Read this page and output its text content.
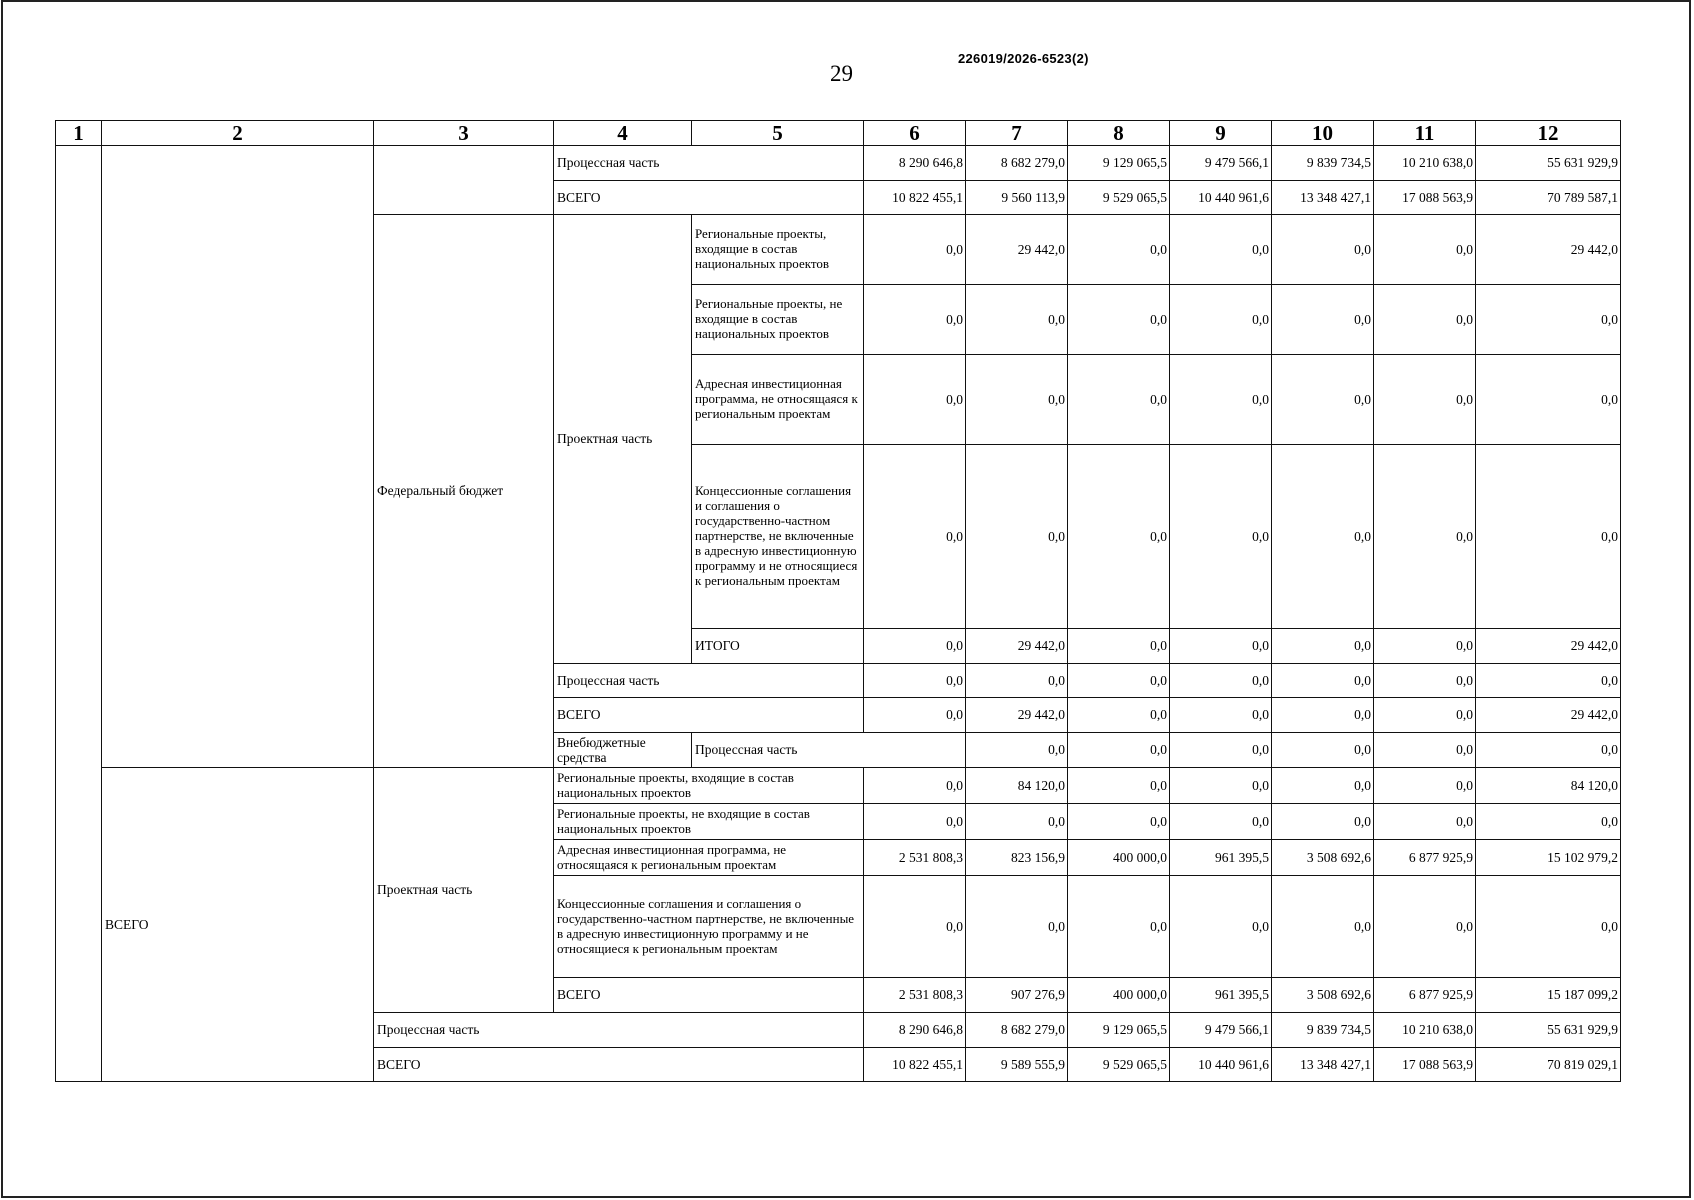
29
226019/2026-6523(2)
1	2	3	4	5	6	7	8	9	10	11	12	
			Процессная часть		8 290 646,8	8 682 279,0	9 129 065,5	9 479 566,1	9 839 734,5	10 210 638,0	55 631 929,9	
			ВСЕГО		10 822 455,1	9 560 113,9	9 529 065,5	10 440 961,6	13 348 427,1	17 088 563,9	70 789 587,1	
		Федеральный бюджет	Проектная часть	Региональные проекты, входящие в состав национальных проектов	0,0	29 442,0	0,0	0,0	0,0	0,0	29 442,0	
				Региональные проекты, не входящие в состав национальных проектов	0,0	0,0	0,0	0,0	0,0	0,0	0,0	
				Адресная инвестиционная программа, не относящаяся к региональным проектам	0,0	0,0	0,0	0,0	0,0	0,0	0,0	
				Концессионные соглашения и соглашения о государственно-частном партнерстве, не включенные в адресную инвестиционную программу и не относящиеся к региональным проектам	0,0	0,0	0,0	0,0	0,0	0,0	0,0	
				ИТОГО	0,0	29 442,0	0,0	0,0	0,0	0,0	29 442,0	
			Процессная часть		0,0	0,0	0,0	0,0	0,0	0,0	0,0	
			ВСЕГО		0,0	29 442,0	0,0	0,0	0,0	0,0	29 442,0	
			Внебюджетные средства	Процессная часть		0,0	0,0	0,0	0,0	0,0	0,0	
	ВСЕГО	Проектная часть	Региональные проекты, входящие в состав национальных проектов		0,0	84 120,0	0,0	0,0	0,0	0,0	84 120,0	
			Региональные проекты, не входящие в состав национальных проектов		0,0	0,0	0,0	0,0	0,0	0,0	0,0	
			Адресная инвестиционная программа, не относящаяся к региональным проектам		2 531 808,3	823 156,9	400 000,0	961 395,5	3 508 692,6	6 877 925,9	15 102 979,2	
			Концессионные соглашения и соглашения о государственно-частном партнерстве, не включенные в адресную инвестиционную программу и не относящиеся к региональным проектам		0,0	0,0	0,0	0,0	0,0	0,0	0,0	
			ВСЕГО		2 531 808,3	907 276,9	400 000,0	961 395,5	3 508 692,6	6 877 925,9	15 187 099,2	
		Процессная часть			8 290 646,8	8 682 279,0	9 129 065,5	9 479 566,1	9 839 734,5	10 210 638,0	55 631 929,9	
		ВСЕГО			10 822 455,1	9 589 555,9	9 529 065,5	10 440 961,6	13 348 427,1	17 088 563,9	70 819 029,1	
